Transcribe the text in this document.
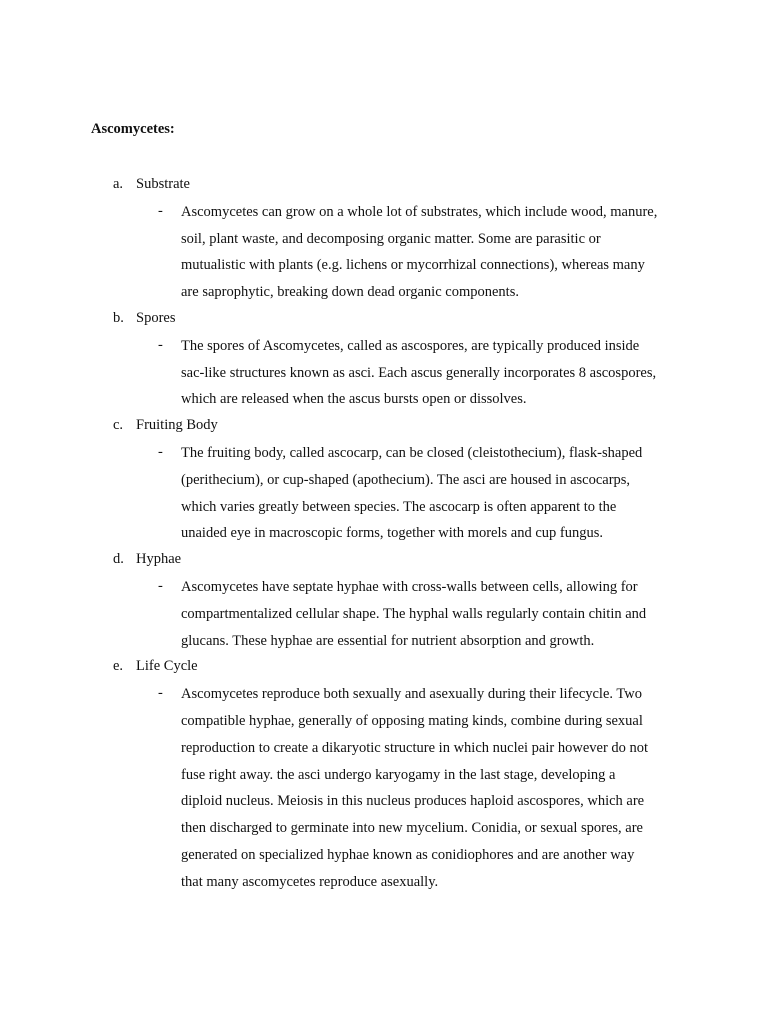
Ascomycetes:
a. Substrate
- Ascomycetes can grow on a whole lot of substrates, which include wood, manure,
soil, plant waste, and decomposing organic matter. Some are parasitic or
mutualistic with plants (e.g. lichens or mycorrhizal connections), whereas many
are saprophytic, breaking down dead organic components.
b. Spores
- The spores of Ascomycetes, called as ascospores, are typically produced inside
sac-like structures known as asci. Each ascus generally incorporates 8 ascospores,
which are released when the ascus bursts open or dissolves.
c. Fruiting Body
- The fruiting body, called ascocarp, can be closed (cleistothecium), flask-shaped
(perithecium), or cup-shaped (apothecium). The asci are housed in ascocarps,
which varies greatly between species. The ascocarp is often apparent to the
unaided eye in macroscopic forms, together with morels and cup fungus.
d. Hyphae
- Ascomycetes have septate hyphae with cross-walls between cells, allowing for
compartmentalized cellular shape. The hyphal walls regularly contain chitin and
glucans. These hyphae are essential for nutrient absorption and growth.
e. Life Cycle
- Ascomycetes reproduce both sexually and asexually during their lifecycle. Two
compatible hyphae, generally of opposing mating kinds, combine during sexual
reproduction to create a dikaryotic structure in which nuclei pair however do not
fuse right away. the asci undergo karyogamy in the last stage, developing a
diploid nucleus. Meiosis in this nucleus produces haploid ascospores, which are
then discharged to germinate into new mycelium. Conidia, or sexual spores, are
generated on specialized hyphae known as conidiophores and are another way
that many ascomycetes reproduce asexually.
